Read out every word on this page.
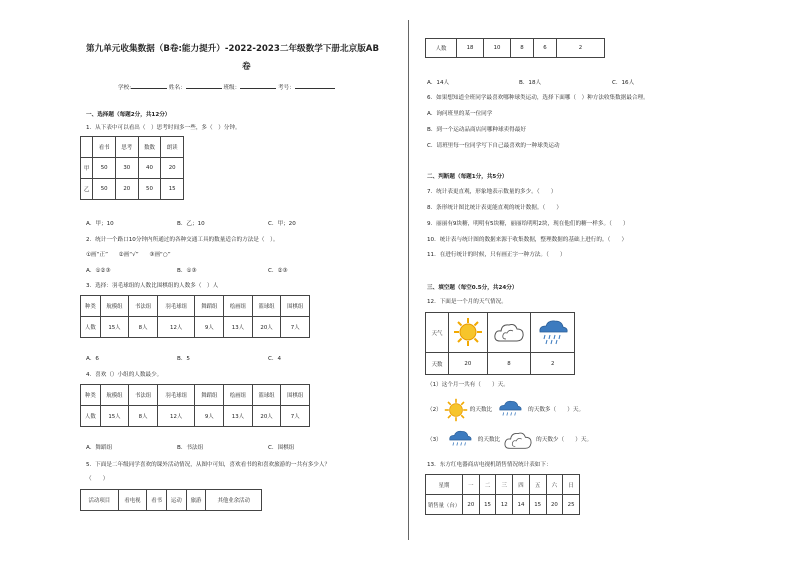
第九单元收集数据（B卷:能力提升）-2022-2023二年级数学下册北京版AB
卷
学校:	姓名：	班级：	考号：
一、选择题（每题2分，共12分）
1．从下表中可以看出（　）思考时间多一些，多（　）分钟。
	看书	思考	数数	朗读
甲	50	30	40	20
乙	50	20	50	15
A．甲；10	B．乙；10	C．甲；20
2．统计一个路口10分钟内所通过的各种交通工具的数量适合的方法是（　）。
①画“正” ②画“√” ③画“○”
A．①②③	B．①③	C．②③
3．选择：羽毛球组的人数比围棋组的人数多（　）人
种类	航模组	书法组	羽毛球组	舞蹈组	绘画组	篮球组	围棋组
人数	15人	8人	12人	9人	13人	20人	7人
A．6	B．5	C．4
4．喜欢（）小组的人数最少。
种类	航模组	书法组	羽毛球组	舞蹈组	绘画组	篮球组	围棋组
人数	15人	8人	12人	9人	13人	20人	7人
A．舞蹈组	B．书法组	C．围棋组
5．下面是二年级同学喜欢的课外活动情况，从图中可知，喜欢看书的和喜欢旅游的一共有多少人？
（　　）
活动项目	看电视	看书	运动	旅游	其他业余活动
人数	18	10	8	6	2
A．14人	B．18人	C．16人
6．如果想知道全班同学最喜欢哪种球类运动，选择下面哪（　）种方法收集数据最合理。
A．询问班里的某一位同学
B．到一个运动品商店问哪种球卖得最好
C．请班里每一位同学写下自己最喜欢的一种球类运动
二、判断题（每题1分，共5分）
7．统计表更直观，形象地表示数量的多少。（　　）
8．条形统计图比统计表更能直观的统计数据。（　　）
9．丽丽有9块糖，明明有5块糖，丽丽给明明2块，现在他们的糖一样多。（　　）
10．统计表与统计图的数据来源于收集数据，整理数据的基础上进行的。（　　）
11．在进行统计的时候，只有画正字一种方法。（　　）
三、填空题（每空0.5分，共24分）
12．下面是一个月的天气情况。
天气			
天数	20	8	2
（1）这个月一共有（　　）天。
（2）	的天数比	的天数多（　　）天。
（3）	的天数比	的天数少（　　）天。
13．东方红电器商店电视机销售情况统计表如下：
星期	一	二	三	四	五	六	日
销售量（台）	20	15	12	14	15	20	25
